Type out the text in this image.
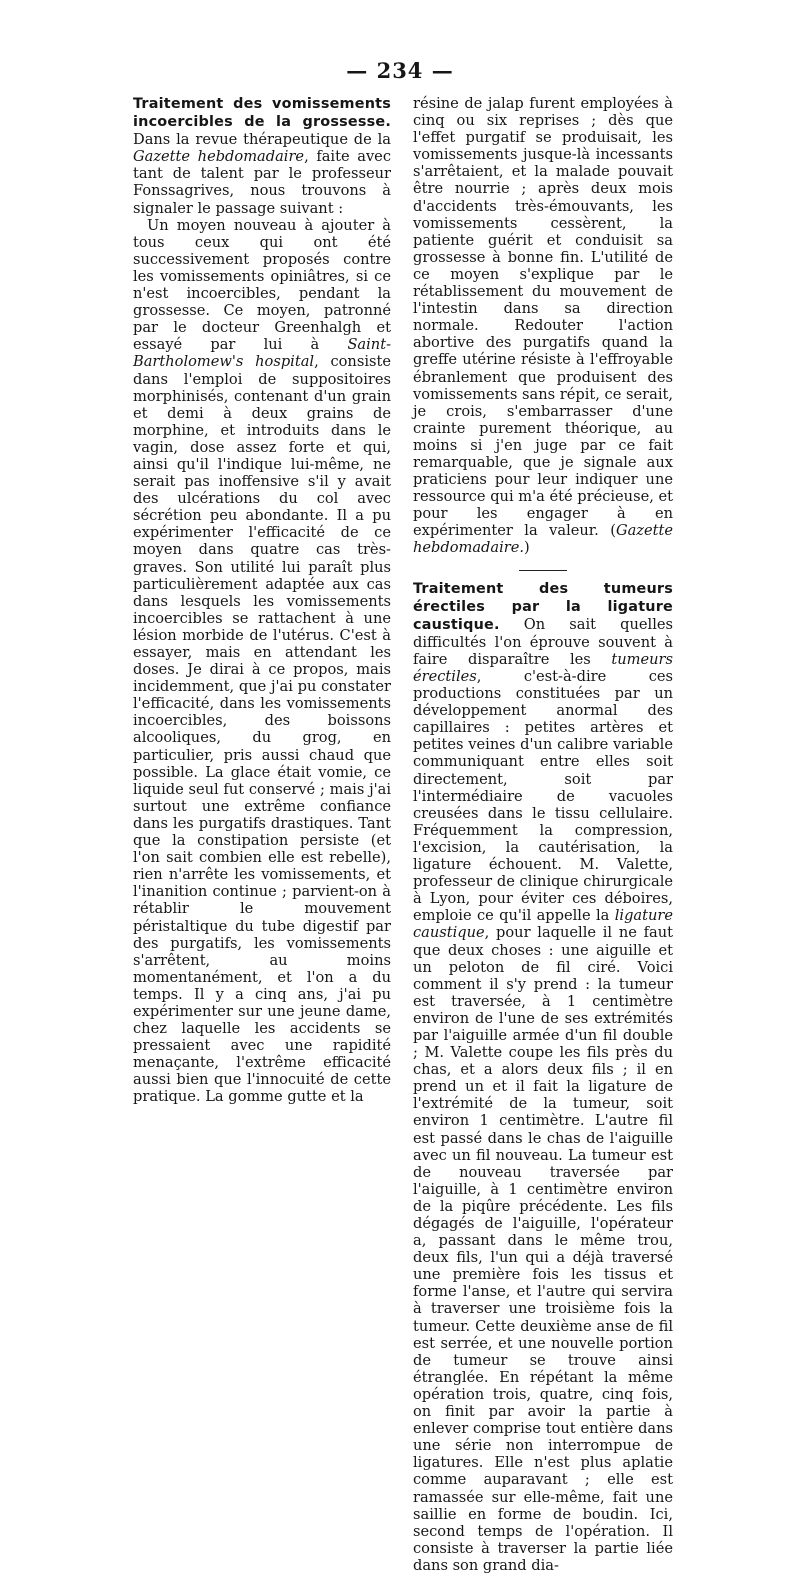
— 234 —

Traitement des vomissements incoercibles de la grossesse. Dans la revue thérapeutique de la Gazette hebdomadaire, faite avec tant de talent par le professeur Fonssagrives, nous trouvons à signaler le passage suivant :

Un moyen nouveau à ajouter à tous ceux qui ont été successivement proposés contre les vomissements opiniâtres, si ce n'est incoercibles, pendant la grossesse. Ce moyen, patronné par le docteur Greenhalgh et essayé par lui à Saint-Bartholomew's hospital, consiste dans l'emploi de suppositoires morphinisés, contenant d'un grain et demi à deux grains de morphine, et introduits dans le vagin, dose assez forte et qui, ainsi qu'il l'indique lui-même, ne serait pas inoffensive s'il y avait des ulcérations du col avec sécrétion peu abondante. Il a pu expérimenter l'efficacité de ce moyen dans quatre cas très-graves. Son utilité lui paraît plus particulièrement adaptée aux cas dans lesquels les vomissements incoercibles se rattachent à une lésion morbide de l'utérus. C'est à essayer, mais en attendant les doses. Je dirai à ce propos, mais incidemment, que j'ai pu constater l'efficacité, dans les vomissements incoercibles, des boissons alcooliques, du grog, en particulier, pris aussi chaud que possible. La glace était vomie, ce liquide seul fut conservé ; mais j'ai surtout une extrême confiance dans les purgatifs drastiques. Tant que la constipation persiste (et l'on sait combien elle est rebelle), rien n'arrête les vomissements, et l'inanition continue ; parvient-on à rétablir le mouvement péristaltique du tube digestif par des purgatifs, les vomissements s'arrêtent, au moins momentanément, et l'on a du temps. Il y a cinq ans, j'ai pu expérimenter sur une jeune dame, chez laquelle les accidents se pressaient avec une rapidité menaçante, l'extrême efficacité aussi bien que l'innocuité de cette pratique. La gomme gutte et la

résine de jalap furent employées à cinq ou six reprises ; dès que l'effet purgatif se produisait, les vomissements jusque-là incessants s'arrêtaient, et la malade pouvait être nourrie ; après deux mois d'accidents très-émouvants, les vomissements cessèrent, la patiente guérit et conduisit sa grossesse à bonne fin. L'utilité de ce moyen s'explique par le rétablissement du mouvement de l'intestin dans sa direction normale. Redouter l'action abortive des purgatifs quand la greffe utérine résiste à l'effroyable ébranlement que produisent des vomissements sans répit, ce serait, je crois, s'embarrasser d'une crainte purement théorique, au moins si j'en juge par ce fait remarquable, que je signale aux praticiens pour leur indiquer une ressource qui m'a été précieuse, et pour les engager à en expérimenter la valeur. (Gazette hebdomadaire.)

Traitement des tumeurs érectiles par la ligature caustique. On sait quelles difficultés l'on éprouve souvent à faire disparaître les tumeurs érectiles, c'est-à-dire ces productions constituées par un développement anormal des capillaires : petites artères et petites veines d'un calibre variable communiquant entre elles soit directement, soit par l'intermédiaire de vacuoles creusées dans le tissu cellulaire. Fréquemment la compression, l'excision, la cautérisation, la ligature échouent. M. Valette, professeur de clinique chirurgicale à Lyon, pour éviter ces déboires, emploie ce qu'il appelle la ligature caustique, pour laquelle il ne faut que deux choses : une aiguille et un peloton de fil ciré. Voici comment il s'y prend : la tumeur est traversée, à 1 centimètre environ de l'une de ses extrémités par l'aiguille armée d'un fil double ; M. Valette coupe les fils près du chas, et a alors deux fils ; il en prend un et il fait la ligature de l'extrémité de la tumeur, soit environ 1 centimètre. L'autre fil est passé dans le chas de l'aiguille avec un fil nouveau. La tumeur est de nouveau traversée par l'aiguille, à 1 centimètre environ de la piqûre précédente. Les fils dégagés de l'aiguille, l'opérateur a, passant dans le même trou, deux fils, l'un qui a déjà traversé une première fois les tissus et forme l'anse, et l'autre qui servira à traverser une troisième fois la tumeur. Cette deuxième anse de fil est serrée, et une nouvelle portion de tumeur se trouve ainsi étranglée. En répétant la même opération trois, quatre, cinq fois, on finit par avoir la partie à enlever comprise tout entière dans une série non interrompue de ligatures. Elle n'est plus aplatie comme auparavant ; elle est ramassée sur elle-même, fait une saillie en forme de boudin. Ici, second temps de l'opération. Il consiste à traverser la partie liée dans son grand dia-
